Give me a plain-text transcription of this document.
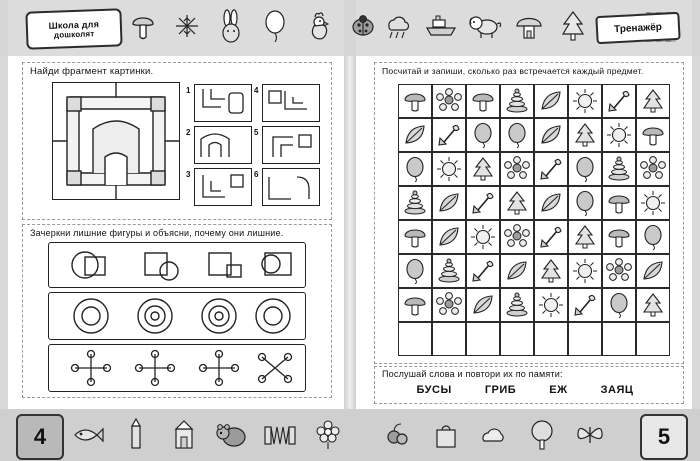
Школа для
дошколят	Тренажёр
Найди фрагмент картинки.
1
2
3
4
5
6
Зачеркни лишние фигуры и объясни, почему они лишние.
Посчитай и запиши, сколько раз встречается каждый предмет.
Послушай слова и повтори их по памяти:
БУСЫ	ГРИБ	ЕЖ	ЗАЯЦ
4	5
